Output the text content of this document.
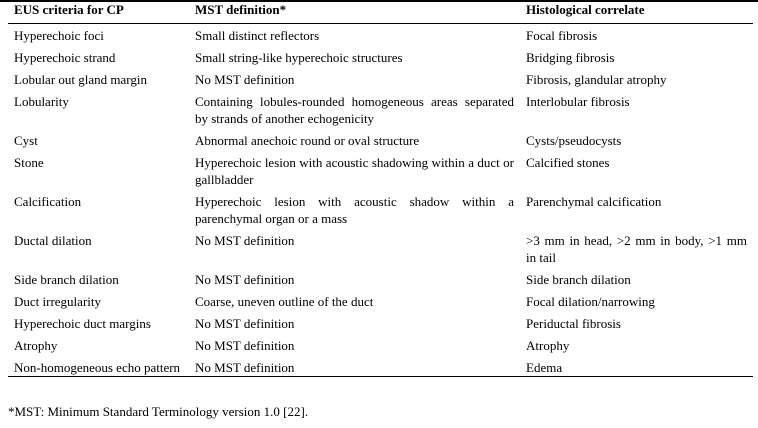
EUS criteria for CP	MST definition*	Histological correlate
Hyperechoic foci	Small distinct reflectors	Focal fibrosis
Hyperechoic strand	Small string-like hyperechoic structures	Bridging fibrosis
Lobular out gland margin	No MST definition	Fibrosis, glandular atrophy
Lobularity	Containing lobules-rounded homogeneous areas separated by strands of another echogenicity	Interlobular fibrosis
Cyst	Abnormal anechoic round or oval structure	Cysts/pseudocysts
Stone	Hyperechoic lesion with acoustic shadowing within a duct or gallbladder	Calcified stones
Calcification	Hyperechoic lesion with acoustic shadow within a parenchymal organ or a mass	Parenchymal calcification
Ductal dilation	No MST definition	>3 mm in head, >2 mm in body, >1 mm in tail
Side branch dilation	No MST definition	Side branch dilation
Duct irregularity	Coarse, uneven outline of the duct	Focal dilation/narrowing
Hyperechoic duct margins	No MST definition	Periductal fibrosis
Atrophy	No MST definition	Atrophy
Non-homogeneous echo pattern	No MST definition	Edema
*MST: Minimum Standard Terminology version 1.0 [22].
